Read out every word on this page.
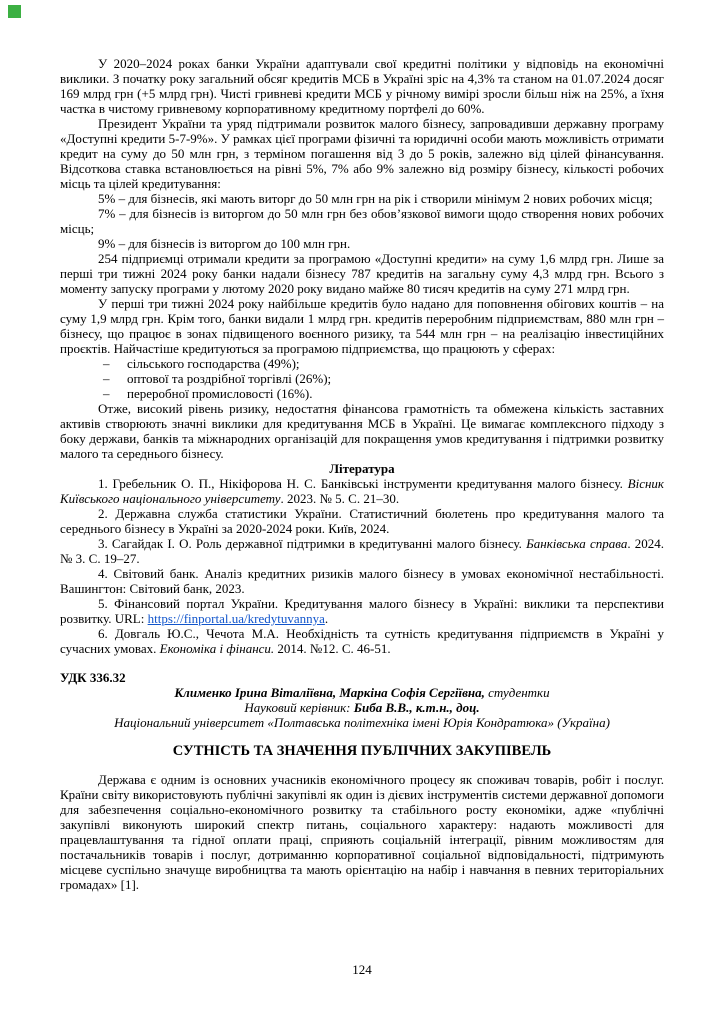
У 2020–2024 роках банки України адаптували свої кредитні політики у відповідь на економічні виклики. З початку року загальний обсяг кредитів МСБ в Україні зріс на 4,3% та станом на 01.07.2024 досяг 169 млрд грн (+5 млрд грн). Чисті гривневі кредити МСБ у річному вимірі зросли більш ніж на 25%, а їхня частка в чистому гривневому корпоративному кредитному портфелі до 60%.

Президент України та уряд підтримали розвиток малого бізнесу, запровадивши державну програму «Доступні кредити 5-7-9%». У рамках цієї програми фізичні та юридичні особи мають можливість отримати кредит на суму до 50 млн грн, з терміном погашення від 3 до 5 років, залежно від цілей фінансування. Відсоткова ставка встановлюється на рівні 5%, 7% або 9% залежно від розміру бізнесу, кількості робочих місць та цілей кредитування:

5% – для бізнесів, які мають виторг до 50 млн грн на рік і створили мінімум 2 нових робочих місця;

7% – для бізнесів із виторгом до 50 млн грн без обов’язкової вимоги щодо створення нових робочих місць;

9% – для бізнесів із виторгом до 100 млн грн.

254 підприємці отримали кредити за програмою «Доступні кредити» на суму 1,6 млрд грн. Лише за перші три тижні 2024 року банки надали бізнесу 787 кредитів на загальну суму 4,3 млрд грн. Всього з моменту запуску програми у лютому 2020 року видано майже 80 тисяч кредитів на суму 271 млрд грн.

У перші три тижні 2024 року найбільше кредитів було надано для поповнення обігових коштів – на суму 1,9 млрд грн. Крім того, банки видали 1 млрд грн. кредитів переробним підприємствам, 880 млн грн – бізнесу, що працює в зонах підвищеного воєнного ризику, та 544 млн грн – на реалізацію інвестиційних проєктів. Найчастіше кредитуються за програмою підприємства, що працюють у сферах:

– сільського господарства (49%);
– оптової та роздрібної торгівлі (26%);
– переробної промисловості (16%).

Отже, високий рівень ризику, недостатня фінансова грамотність та обмежена кількість заставних активів створюють значні виклики для кредитування МСБ в Україні. Це вимагає комплексного підходу з боку держави, банків та міжнародних організацій для покращення умов кредитування і підтримки розвитку малого та середнього бізнесу.

Література

1. Гребельник О. П., Нікіфорова Н. С. Банківські інструменти кредитування малого бізнесу. Вісник Київського національного університету. 2023. № 5. С. 21–30.

2. Державна служба статистики України. Статистичний бюлетень про кредитування малого та середнього бізнесу в Україні за 2020-2024 роки. Київ, 2024.

3. Сагайдак І. О. Роль державної підтримки в кредитуванні малого бізнесу. Банківська справа. 2024. № 3. С. 19–27.

4. Світовий банк. Аналіз кредитних ризиків малого бізнесу в умовах економічної нестабільності. Вашингтон: Світовий банк, 2023.

5. Фінансовий портал України. Кредитування малого бізнесу в Україні: виклики та перспективи розвитку. URL: https://finportal.ua/kredytuvannya.

6. Довгаль Ю.С., Чечота М.А. Необхідність та сутність кредитування підприємств в Україні у сучасних умовах. Економіка і фінанси. 2014. №12. С. 46-51.

УДК 336.32

Клименко Ірина Віталіївна, Маркіна Софія Сергіївна, студентки

Науковий керівник: Биба В.В., к.т.н., доц.

Національний університет «Полтавська політехніка імені Юрія Кондратюка» (Україна)

СУТНІСТЬ ТА ЗНАЧЕННЯ ПУБЛІЧНИХ ЗАКУПІВЕЛЬ

Держава є одним із основних учасників економічного процесу як споживач товарів, робіт і послуг. Країни світу використовують публічні закупівлі як один із дієвих інструментів системи державної допомоги для забезпечення соціально-економічного розвитку та стабільного росту економіки, адже «публічні закупівлі виконують широкий спектр питань, соціального характеру: надають можливості для працевлаштування та гідної оплати праці, сприяють соціальній інтеграції, рівним можливостям для постачальників товарів і послуг, дотриманню корпоративної соціальної відповідальності, підтримують місцеве суспільно значуще виробництва та мають орієнтацію на набір і навчання в певних територіальних громадах» [1].

124
